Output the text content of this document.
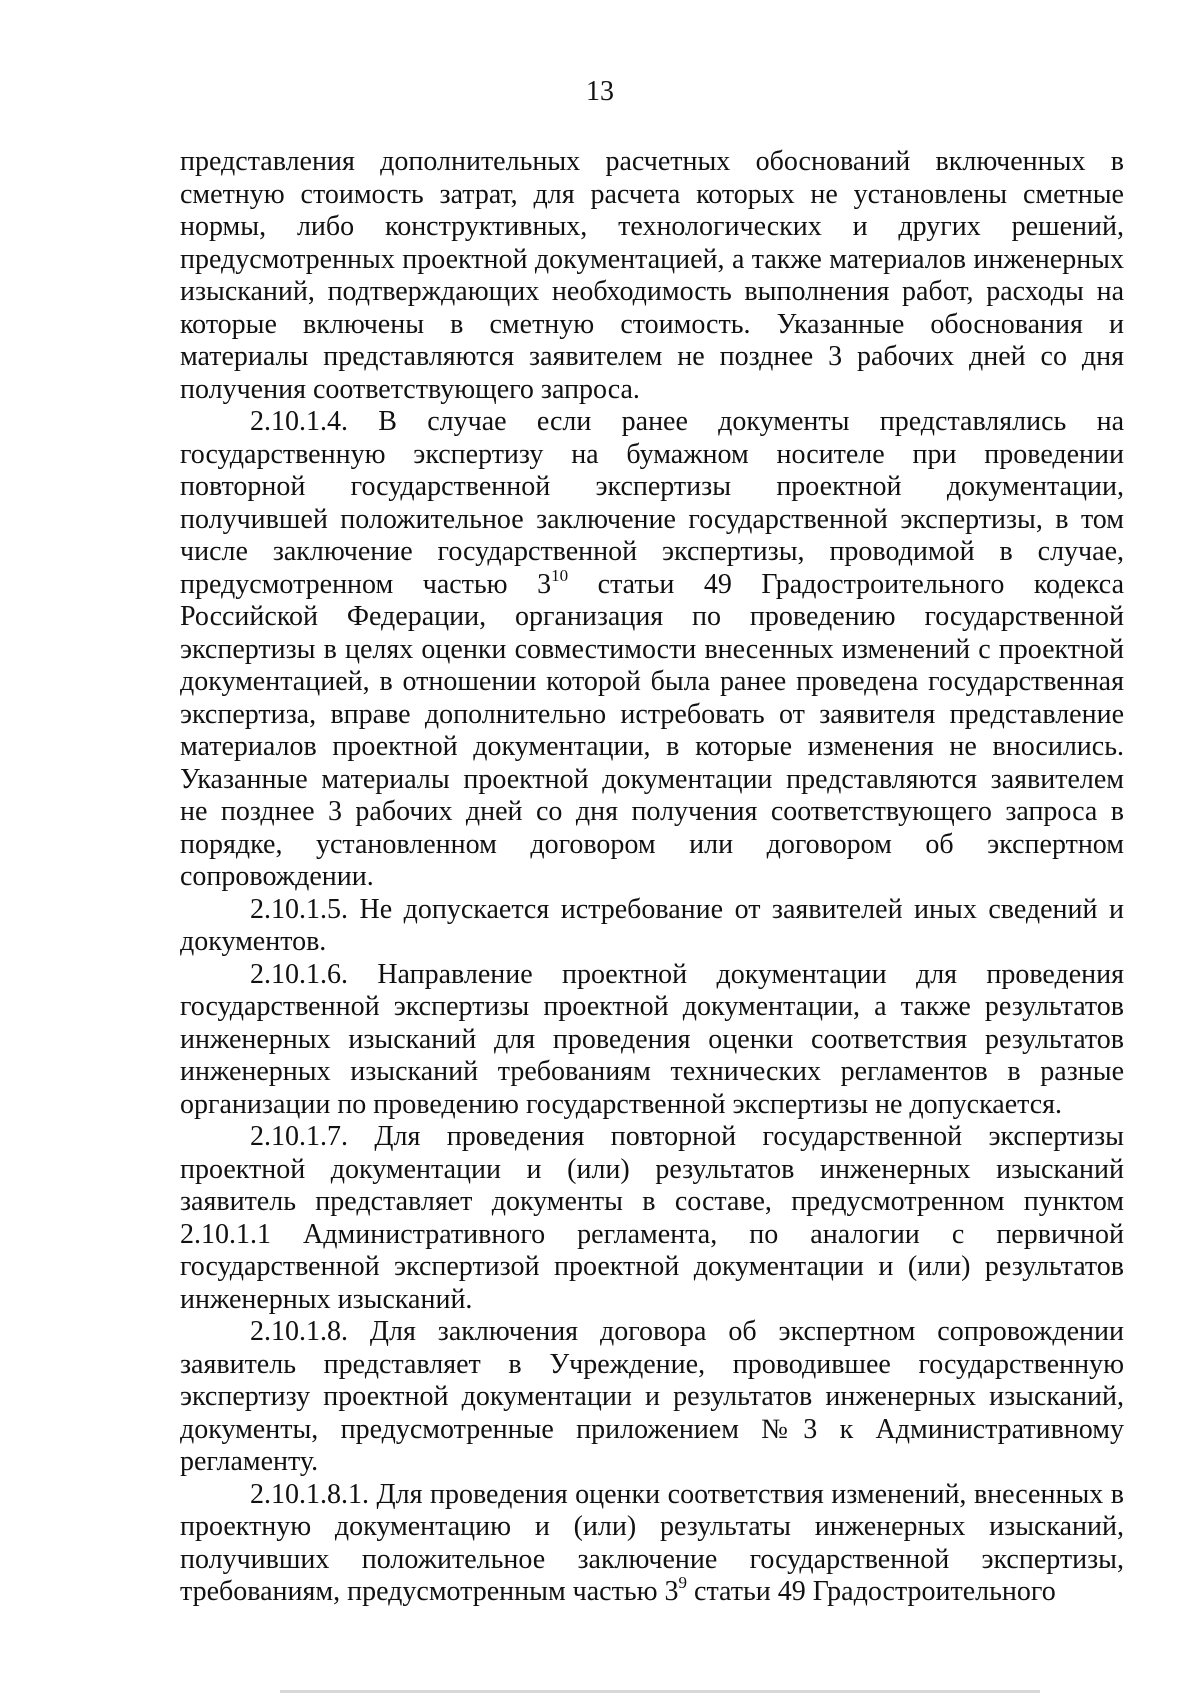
13

представления дополнительных расчетных обоснований включенных в сметную стоимость затрат, для расчета которых не установлены сметные нормы, либо конструктивных, технологических и других решений, предусмотренных проектной документацией, а также материалов инженерных изысканий, подтверждающих необходимость выполнения работ, расходы на которые включены в сметную стоимость. Указанные обоснования и материалы представляются заявителем не позднее 3 рабочих дней со дня получения соответствующего запроса.

2.10.1.4. В случае если ранее документы представлялись на государственную экспертизу на бумажном носителе при проведении повторной государственной экспертизы проектной документации, получившей положительное заключение государственной экспертизы, в том числе заключение государственной экспертизы, проводимой в случае, предусмотренном частью $3^{10}$ статьи 49 Градостроительного кодекса Российской Федерации, организация по проведению государственной экспертизы в целях оценки совместимости внесенных изменений с проектной документацией, в отношении которой была ранее проведена государственная экспертиза, вправе дополнительно истребовать от заявителя представление материалов проектной документации, в которые изменения не вносились. Указанные материалы проектной документации представляются заявителем не позднее 3 рабочих дней со дня получения соответствующего запроса в порядке, установленном договором или договором об экспертном сопровождении.

2.10.1.5. Не допускается истребование от заявителей иных сведений и документов.

2.10.1.6. Направление проектной документации для проведения государственной экспертизы проектной документации, а также результатов инженерных изысканий для проведения оценки соответствия результатов инженерных изысканий требованиям технических регламентов в разные организации по проведению государственной экспертизы не допускается.

2.10.1.7. Для проведения повторной государственной экспертизы проектной документации и (или) результатов инженерных изысканий заявитель представляет документы в составе, предусмотренном пунктом 2.10.1.1 Административного регламента, по аналогии с первичной государственной экспертизой проектной документации и (или) результатов инженерных изысканий.

2.10.1.8. Для заключения договора об экспертном сопровождении заявитель представляет в Учреждение, проводившее государственную экспертизу проектной документации и результатов инженерных изысканий, документы, предусмотренные приложением №3 к Административному регламенту.

2.10.1.8.1. Для проведения оценки соответствия изменений, внесенных в проектную документацию и (или) результаты инженерных изысканий, получивших положительное заключение государственной экспертизы, требованиям, предусмотренным частью $3^9$ статьи 49 Градостроительного
